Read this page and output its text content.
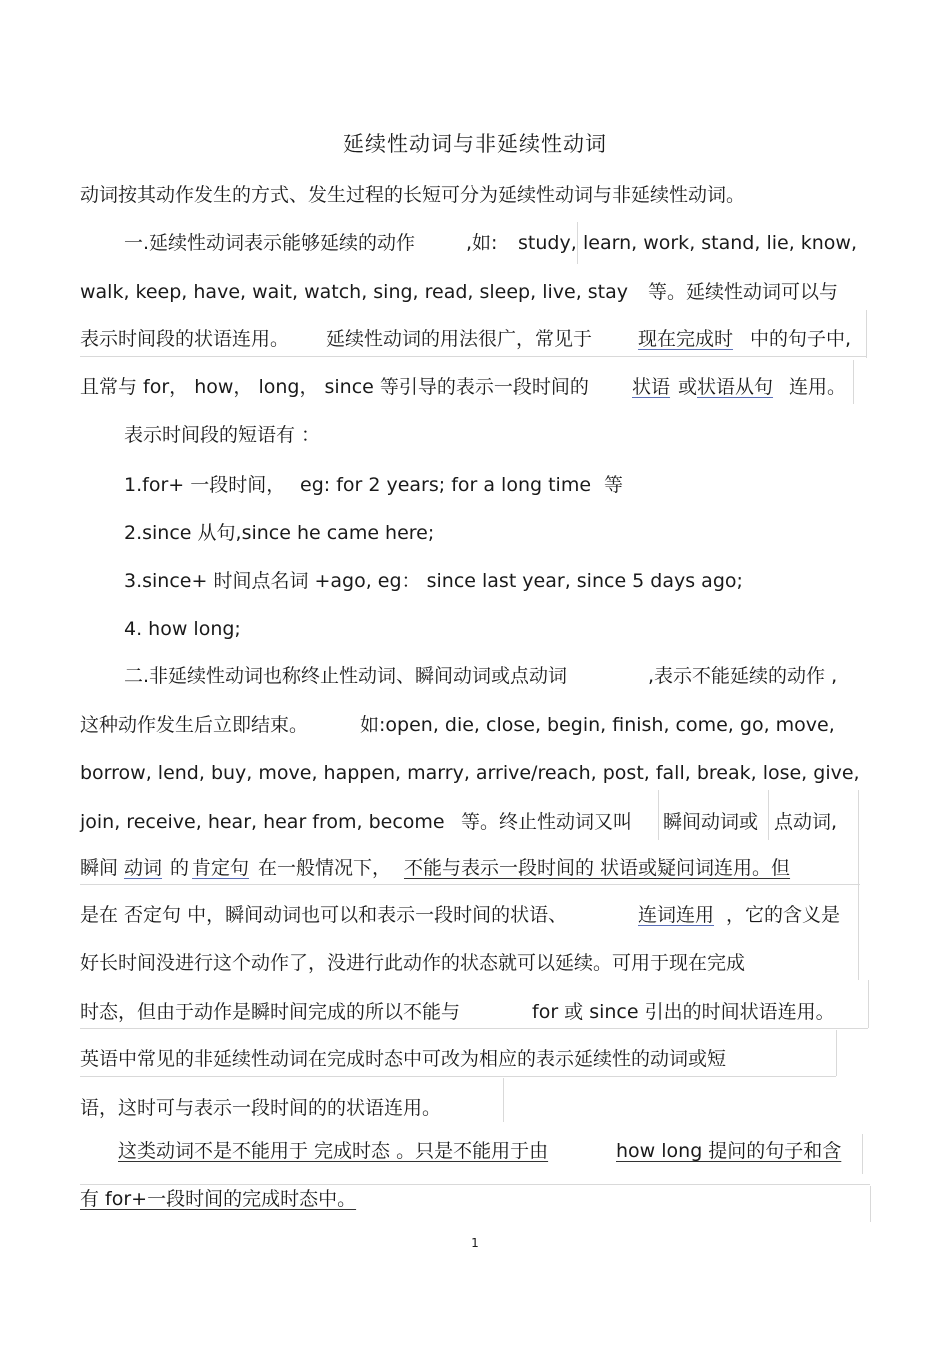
延续性动词与非延续性动词
动词按其动作发生的方式、发生过程的长短可分为延续性动词与非延续性动词。
一.延续性动词表示能够延续的动作	,如: study, learn, work, stand, lie, know,
walk, keep, have, wait, watch, sing, read, sleep, live, stay 等。延续性动词可以与
表示时间段的状语连用。 延续性动词的用法很广，常见于 现在完成时 中的句子中,
且常与 for， how， long， since 等引导的表示一段时间的 状语 或 状语从句 连用。
表示时间段的短语有 ：
1.for+ 一段时间， eg: for 2 years; for a long time 等
2.since 从句,since he came here;
3.since+ 时间点名词 +ago, eg： since last year, since 5 days ago;
4. how long;
二.非延续性动词也称终止性动词、瞬间动词或点动词	,表示不能延续的动作 ,
这种动作发生后立即结束。	如:open, die, close, begin, finish, come, go, move,
borrow, lend, buy, move, happen, marry, arrive/reach, post, fall, break, lose, give,
join, receive, hear, hear from, become 等。终止性动词又叫 瞬间动词或 点动词,
瞬间 动词 的 肯定句 在一般情况下， 不能与表示一段时间的 状语或疑问词连用。但
是在 否定句 中，瞬间动词也可以和表示一段时间的状语、	连词连用 ，它的含义是
好长时间没进行这个动作了，没进行此动作的状态就可以延续。可用于现在完成
时态，但由于动作是瞬时间完成的所以不能与	for 或 since 引出的时间状语连用。
英语中常见的非延续性动词在完成时态中可改为相应的表示延续性的动词或短
语，这时可与表示一段时间的的状语连用。
这类动词不是不能用于 完成时态 。只是不能用于由	how long 提问的句子和含
有 for+一段时间的完成时态中。
1
